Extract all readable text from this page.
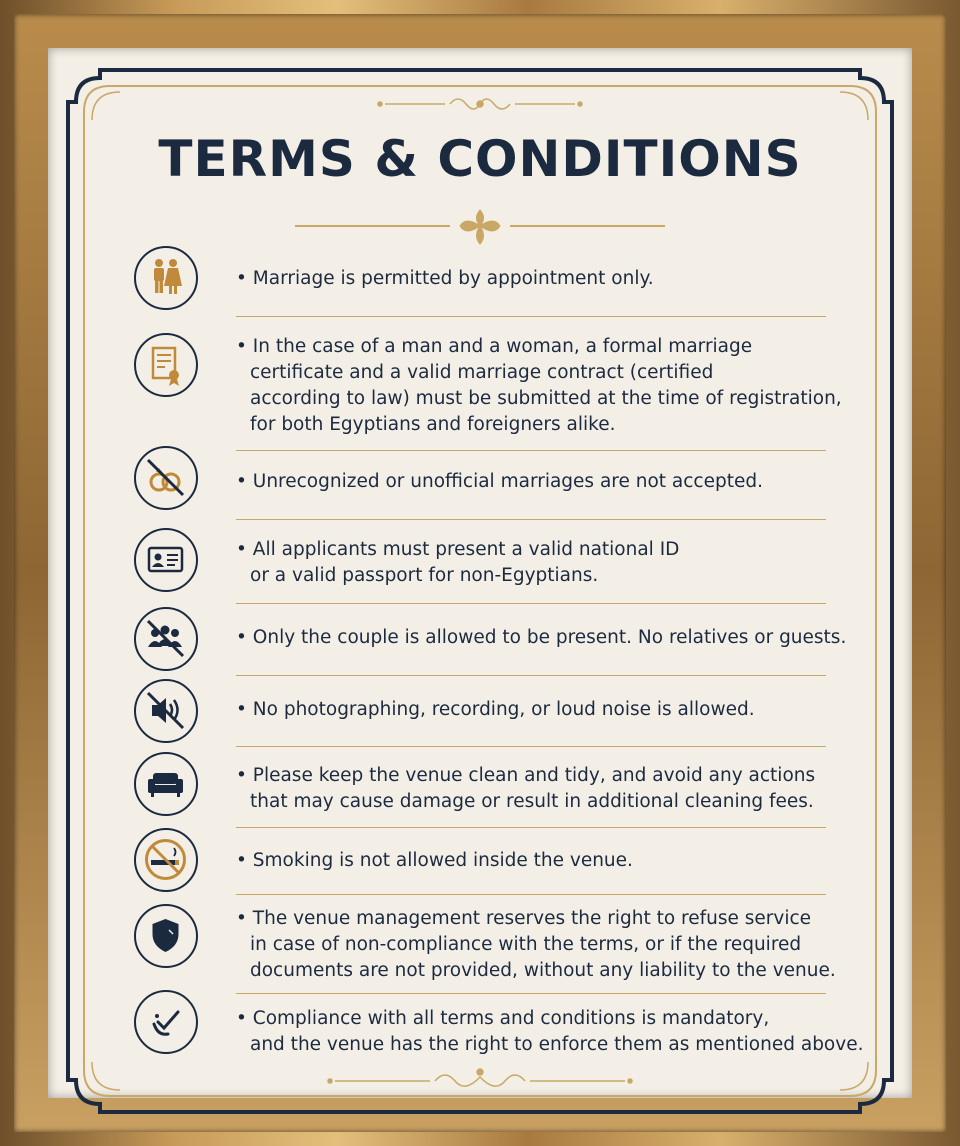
TERMS & CONDITIONS
• Marriage is permitted by appointment only.
• In the case of a man and a woman, a formal marriage
certificate and a valid marriage contract (certified
according to law) must be submitted at the time of registration,
for both Egyptians and foreigners alike.
• Unrecognized or unofficial marriages are not accepted.
• All applicants must present a valid national ID
or a valid passport for non-Egyptians.
• Only the couple is allowed to be present. No relatives or guests.
• No photographing, recording, or loud noise is allowed.
• Please keep the venue clean and tidy, and avoid any actions
that may cause damage or result in additional cleaning fees.
• Smoking is not allowed inside the venue.
• The venue management reserves the right to refuse service
in case of non-compliance with the terms, or if the required
documents are not provided, without any liability to the venue.
• Compliance with all terms and conditions is mandatory,
and the venue has the right to enforce them as mentioned above.
